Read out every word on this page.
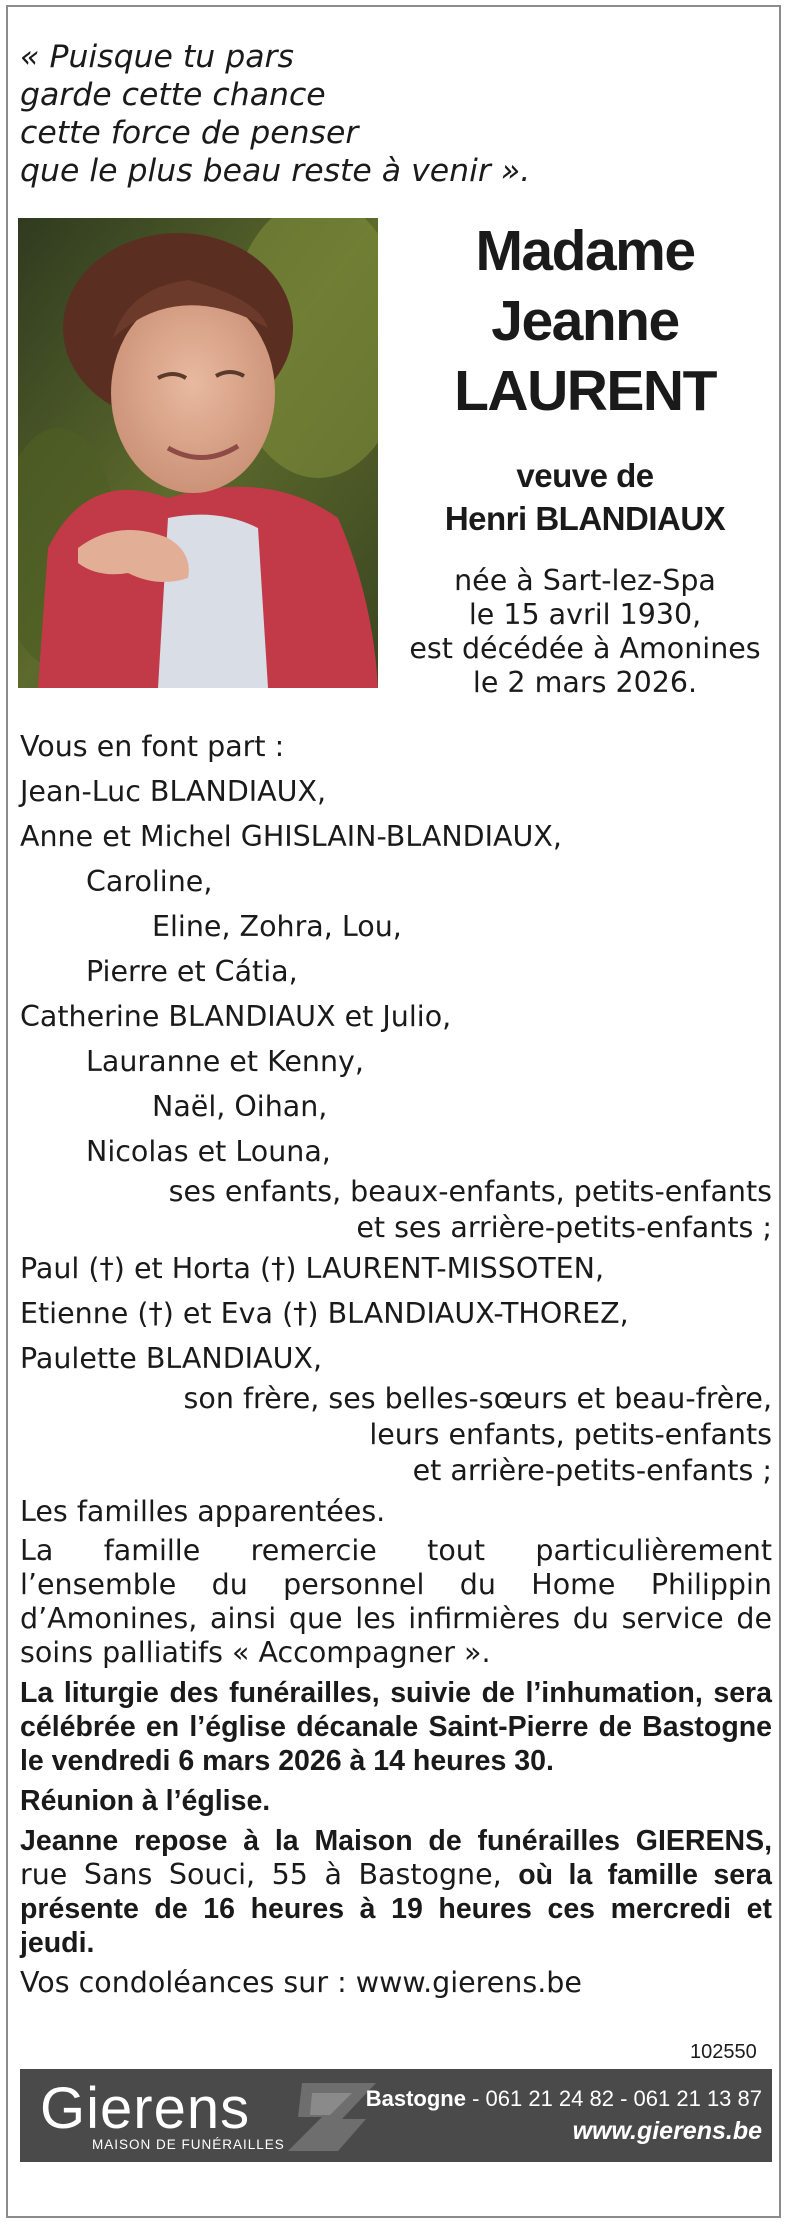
« Puisque tu pars
garde cette chance
cette force de penser
que le plus beau reste à venir ».
Madame
Jeanne
LAURENT
veuve de
Henri BLANDIAUX
née à Sart-lez-Spa
le 15 avril 1930,
est décédée à Amonines
le 2 mars 2026.
Vous en font part :
Jean-Luc BLANDIAUX,
Anne et Michel GHISLAIN-BLANDIAUX,
Caroline,
Eline, Zohra, Lou,
Pierre et Cátia,
Catherine BLANDIAUX et Julio,
Lauranne et Kenny,
Naël, Oihan,
Nicolas et Louna,
ses enfants, beaux-enfants, petits-enfants
et ses arrière-petits-enfants ;
Paul (†) et Horta (†) LAURENT-MISSOTEN,
Etienne (†) et Eva (†) BLANDIAUX-THOREZ,
Paulette BLANDIAUX,
son frère, ses belles-sœurs et beau-frère,
leurs enfants, petits-enfants
et arrière-petits-enfants ;
Les familles apparentées.
La famille remercie tout particulièrement l’ensemble du personnel du Home Philippin d’Amonines, ainsi que les infirmières du service de soins palliatifs « Accompagner ».
La liturgie des funérailles, suivie de l’inhumation, sera célébrée en l’église décanale Saint-Pierre de Bastogne le vendredi 6 mars 2026 à 14 heures 30.
Réunion à l’église.
Jeanne repose à la Maison de funérailles GIERENS, rue Sans Souci, 55 à Bastogne, où la famille sera présente de 16 heures à 19 heures ces mercredi et jeudi.
Vos condoléances sur : www.gierens.be
102550
Gierens
MAISON DE FUNÉRAILLES
Bastogne - 061 21 24 82 - 061 21 13 87
www.gierens.be
